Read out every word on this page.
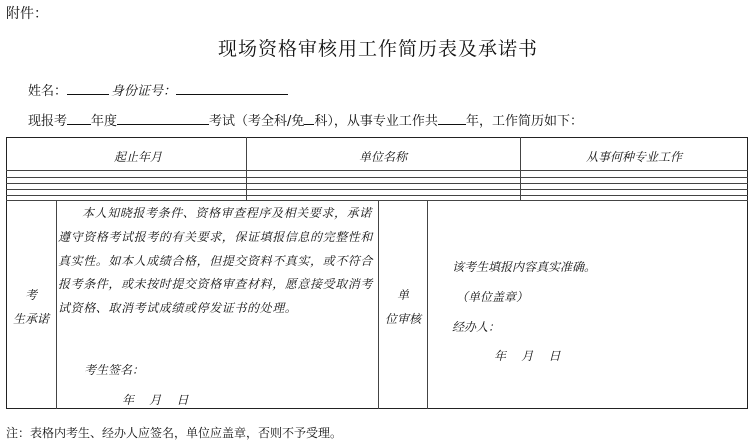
附件：
现场资格审核用工作简历表及承诺书
姓名：	身份证号：
现报考 年度	考试（考全科/免 科），从事专业工作共 年，工作简历如下：
起止年月	单位名称	从事何种专业工作
考
生承诺

本人知晓报考条件、资格审查程序及相关要求，承诺遵守资格考试报考的有关要求，保证填报信息的完整性和真实性。如本人成绩合格，但提交资料不真实，或不符合报考条件，或未按时提交资格审查材料，愿意接受取消考试资格、取消考试成绩或停发证书的处理。

考生签名：
年    月    日
单
位审核
该考生填报内容真实准确。
（单位盖章）
经办人：
年    月    日
注：表格内考生、经办人应签名，单位应盖章，否则不予受理。
